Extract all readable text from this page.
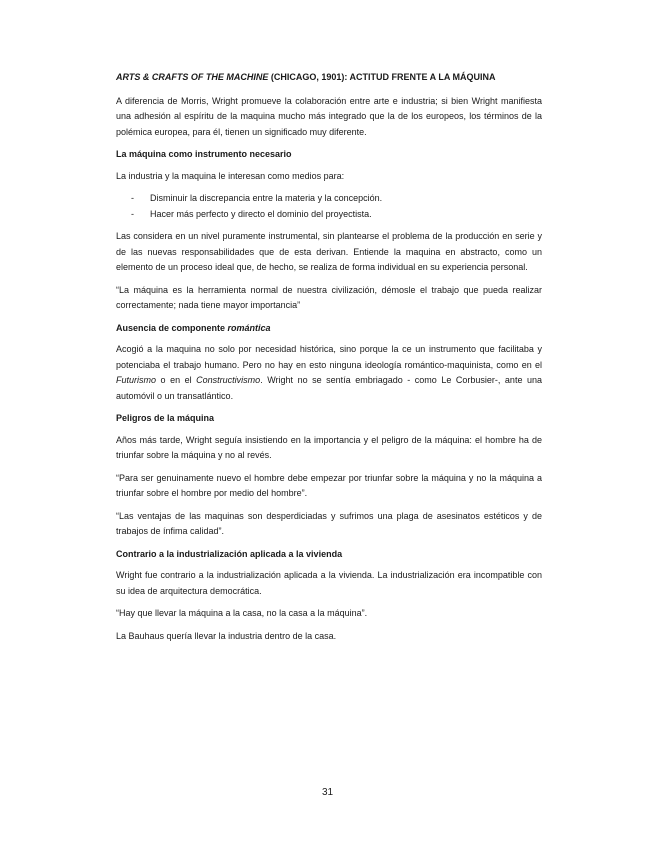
ARTS & CRAFTS OF THE MACHINE (CHICAGO, 1901): ACTITUD FRENTE A LA MÁQUINA

A diferencia de Morris, Wright promueve la colaboración entre arte e industria; si bien Wright manifiesta una adhesión al espíritu de la maquina mucho más integrado que la de los europeos, los términos de la polémica europea, para él, tienen un significado muy diferente.

La máquina como instrumento necesario

La industria y la maquina le interesan como medios para:

- Disminuir la discrepancia entre la materia y la concepción.
- Hacer más perfecto y directo el dominio del proyectista.

Las considera en un nivel puramente instrumental, sin plantearse el problema de la producción en serie y de las nuevas responsabilidades que de esta derivan. Entiende la maquina en abstracto, como un elemento de un proceso ideal que, de hecho, se realiza de forma individual en su experiencia personal.

“La máquina es la herramienta normal de nuestra civilización, démosle el trabajo que pueda realizar correctamente; nada tiene mayor importancia”

Ausencia de componente romántica

Acogió a la maquina no solo por necesidad histórica, sino porque la ce un instrumento que facilitaba y potenciaba el trabajo humano. Pero no hay en esto ninguna ideología romántico-maquinista, como en el Futurismo o en el Constructivismo. Wright no se sentía embriagado - como Le Corbusier-, ante una automóvil o un transatlántico.

Peligros de la máquina

Años más tarde, Wright seguía insistiendo en la importancia y el peligro de la máquina: el hombre ha de triunfar sobre la máquina y no al revés.

“Para ser genuinamente nuevo el hombre debe empezar por triunfar sobre la máquina y no la máquina a triunfar sobre el hombre por medio del hombre”.

“Las ventajas de las maquinas son desperdiciadas y sufrimos una plaga de asesinatos estéticos y de trabajos de ínfima calidad”.

Contrario a la industrialización aplicada a la vivienda

Wright fue contrario a la industrialización aplicada a la vivienda. La industrialización era incompatible con su idea de arquitectura democrática.

“Hay que llevar la máquina a la casa, no la casa a la máquina”.

La Bauhaus quería llevar la industria dentro de la casa.

31
